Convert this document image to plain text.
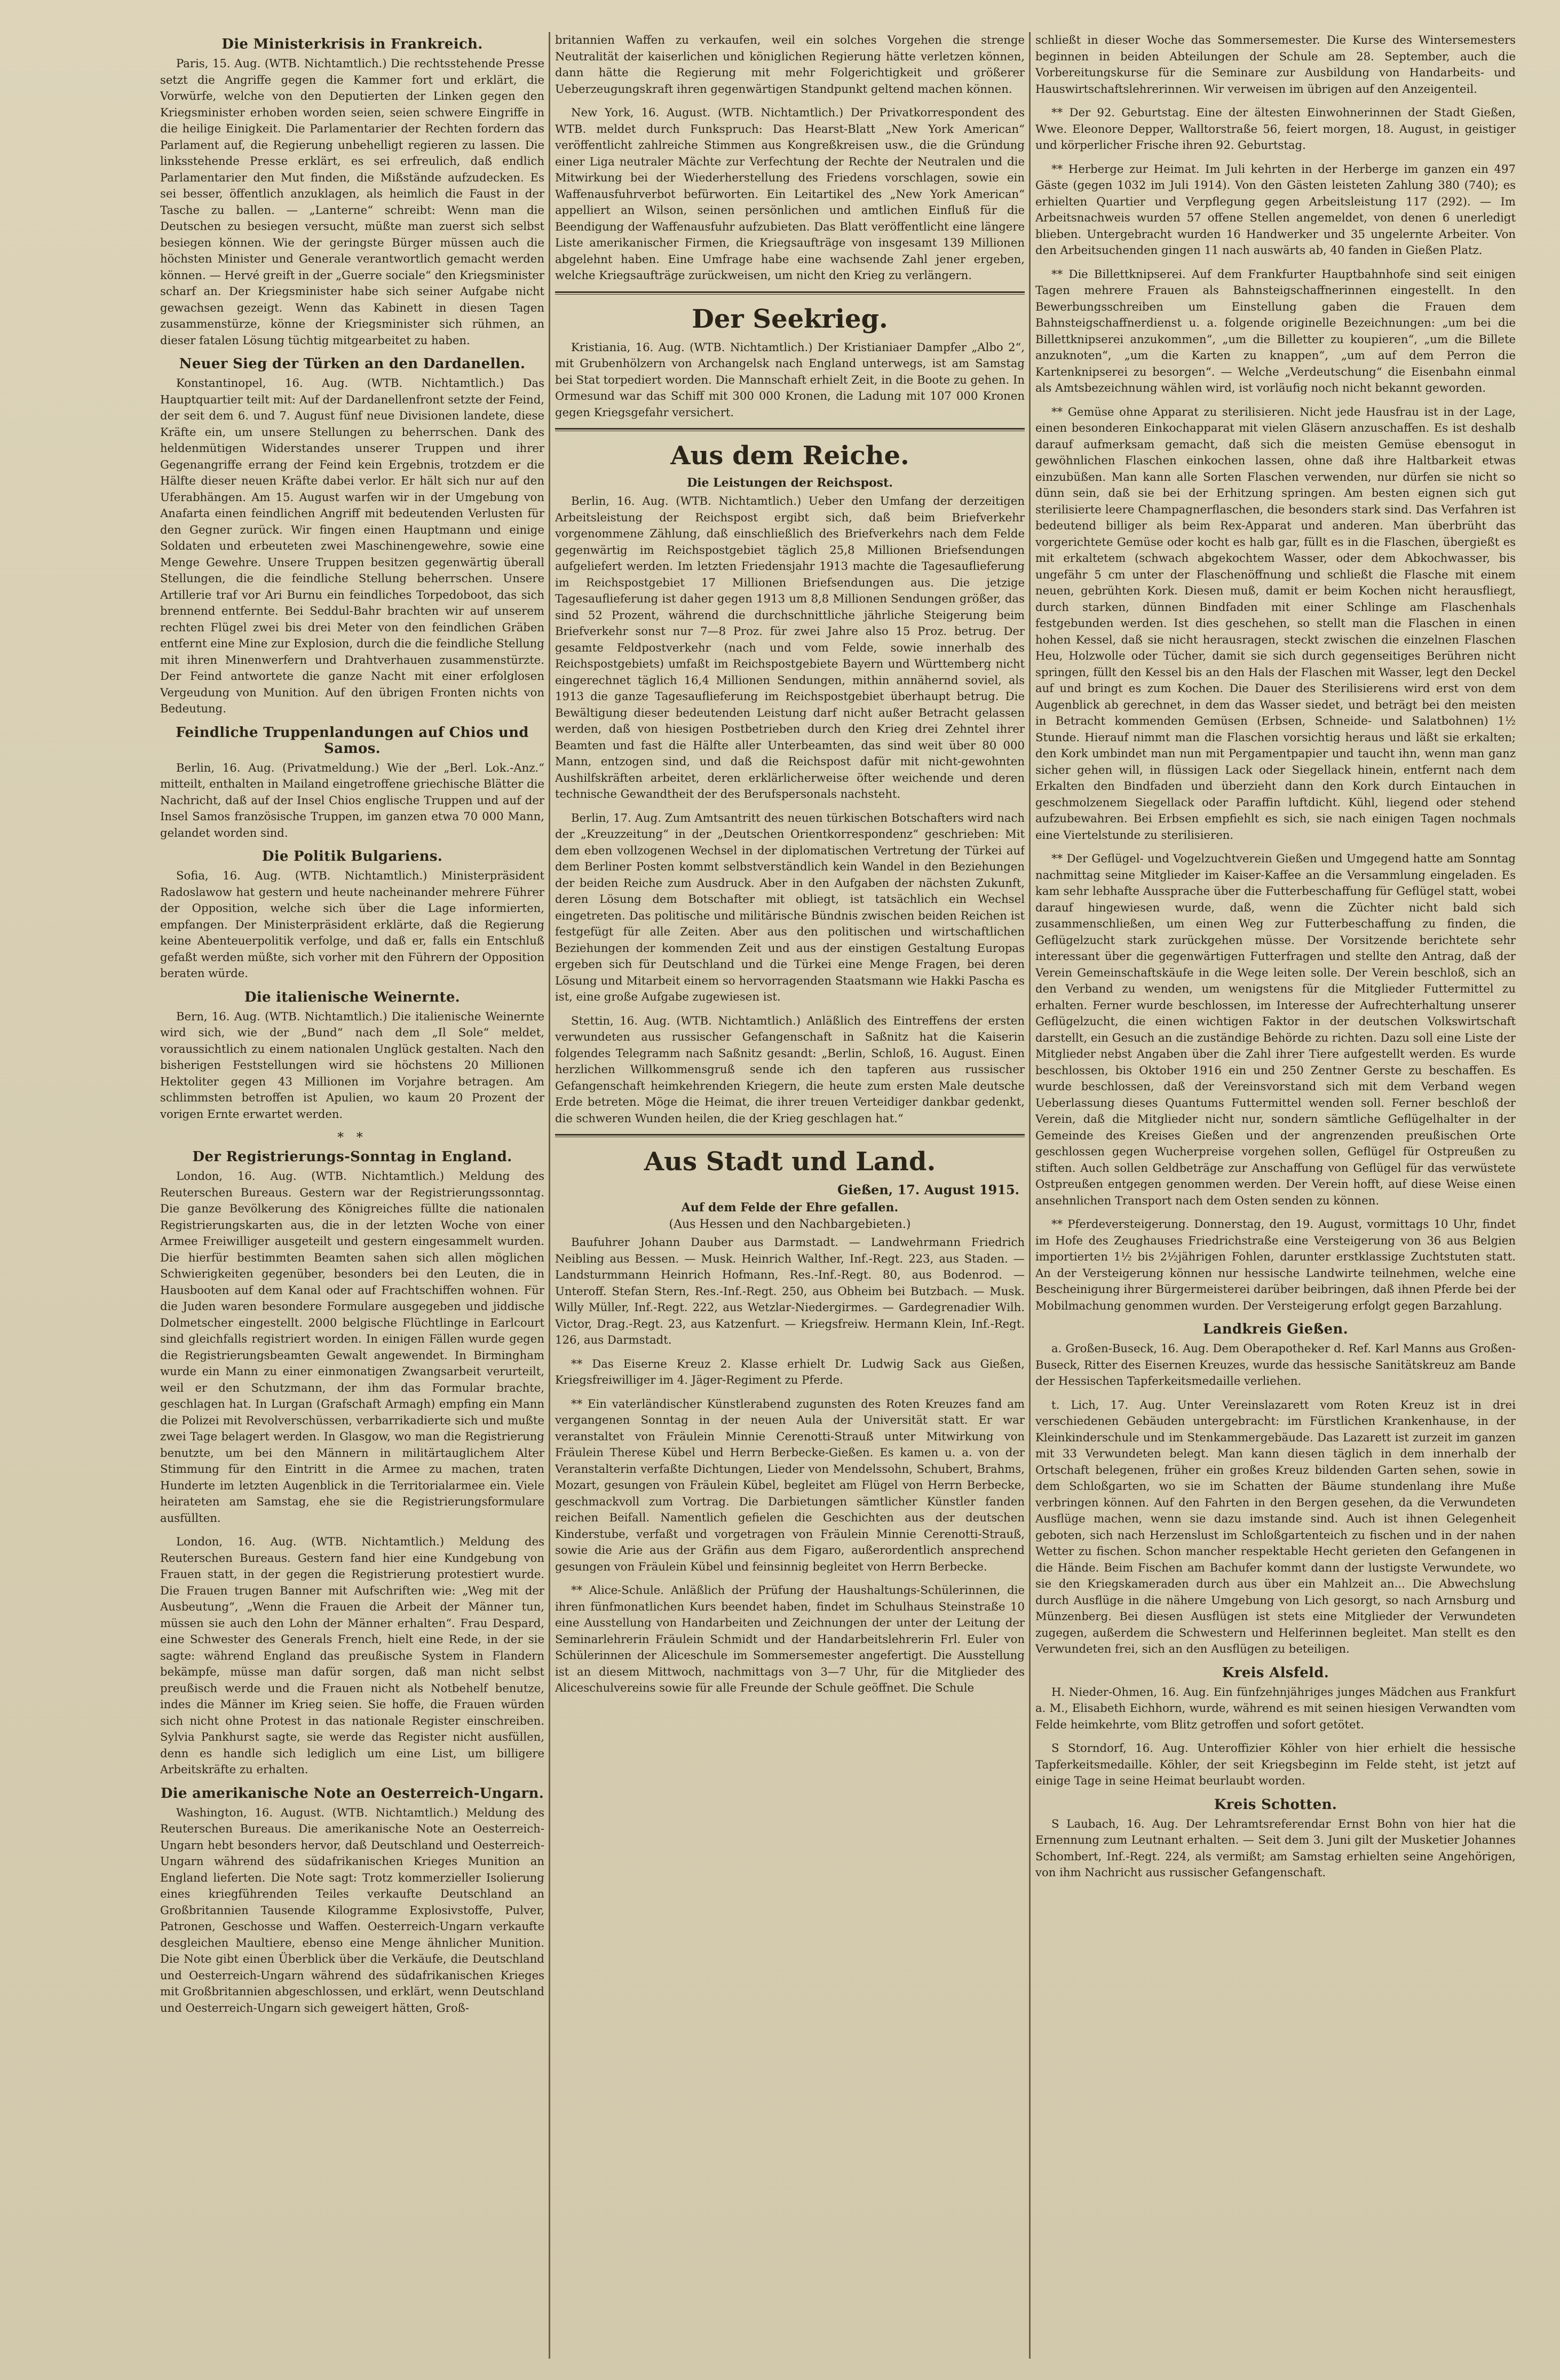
Die Ministerkrisis in Frankreich.

Paris, 15. Aug. (WTB. Nichtamtlich.) Die rechtsstehende Presse setzt die Angriffe gegen die Kammer fort und erklärt, die Vorwürfe, welche von den Deputierten der Linken gegen den Kriegsminister erhoben worden seien, seien schwere Eingriffe in die heilige Einigkeit. Die Parlamentarier der Rechten fordern das Parlament auf, die Regierung unbehelligt regieren zu lassen. Die linksstehende Presse erklärt, es sei erfreulich, daß endlich Parlamentarier den Mut finden, die Mißstände aufzudecken. Es sei besser, öffentlich anzuklagen, als heimlich die Faust in der Tasche zu ballen. — „Lanterne“ schreibt: Wenn man die Deutschen zu besiegen versucht, müßte man zuerst sich selbst besiegen können. Wie der geringste Bürger müssen auch die höchsten Minister und Generale verantwortlich gemacht werden können. — Hervé greift in der „Guerre sociale“ den Kriegsminister scharf an. Der Kriegsminister habe sich seiner Aufgabe nicht gewachsen gezeigt. Wenn das Kabinett in diesen Tagen zusammenstürze, könne der Kriegsminister sich rühmen, an dieser fatalen Lösung tüchtig mitgearbeitet zu haben.

Neuer Sieg der Türken an den Dardanellen.

Konstantinopel, 16. Aug. (WTB. Nichtamtlich.) Das Hauptquartier teilt mit: Auf der Dardanellenfront setzte der Feind, der seit dem 6. und 7. August fünf neue Divisionen landete, diese Kräfte ein, um unsere Stellungen zu beherrschen. Dank des heldenmütigen Widerstandes unserer Truppen und ihrer Gegenangriffe errang der Feind kein Ergebnis, trotzdem er die Hälfte dieser neuen Kräfte dabei verlor. Er hält sich nur auf den Uferabhängen. Am 15. August warfen wir in der Umgebung von Anafarta einen feindlichen Angriff mit bedeutenden Verlusten für den Gegner zurück. Wir fingen einen Hauptmann und einige Soldaten und erbeuteten zwei Maschinengewehre, sowie eine Menge Gewehre. Unsere Truppen besitzen gegenwärtig überall Stellungen, die die feindliche Stellung beherrschen. Unsere Artillerie traf vor Ari Burnu ein feindliches Torpedoboot, das sich brennend entfernte. Bei Seddul-Bahr brachten wir auf unserem rechten Flügel zwei bis drei Meter von den feindlichen Gräben entfernt eine Mine zur Explosion, durch die die feindliche Stellung mit ihren Minenwerfern und Drahtverhauen zusammenstürzte. Der Feind antwortete die ganze Nacht mit einer erfolglosen Vergeudung von Munition. Auf den übrigen Fronten nichts von Bedeutung.

Feindliche Truppenlandungen auf Chios und Samos.

Berlin, 16. Aug. (Privatmeldung.) Wie der „Berl. Lok.-Anz.“ mitteilt, enthalten in Mailand eingetroffene griechische Blätter die Nachricht, daß auf der Insel Chios englische Truppen und auf der Insel Samos französische Truppen, im ganzen etwa 70 000 Mann, gelandet worden sind.

Die Politik Bulgariens.

Sofia, 16. Aug. (WTB. Nichtamtlich.) Ministerpräsident Radoslawow hat gestern und heute nacheinander mehrere Führer der Opposition, welche sich über die Lage informierten, empfangen. Der Ministerpräsident erklärte, daß die Regierung keine Abenteuerpolitik verfolge, und daß er, falls ein Entschluß gefaßt werden müßte, sich vorher mit den Führern der Opposition beraten würde.

Die italienische Weinernte.

Bern, 16. Aug. (WTB. Nichtamtlich.) Die italienische Weinernte wird sich, wie der „Bund“ nach dem „Il Sole“ meldet, voraussichtlich zu einem nationalen Unglück gestalten. Nach den bisherigen Feststellungen wird sie höchstens 20 Millionen Hektoliter gegen 43 Millionen im Vorjahre betragen. Am schlimmsten betroffen ist Apulien, wo kaum 20 Prozent der vorigen Ernte erwartet werden.

* *
Der Registrierungs-Sonntag in England.

London, 16. Aug. (WTB. Nichtamtlich.) Meldung des Reuterschen Bureaus. Gestern war der Registrierungssonntag. Die ganze Bevölkerung des Königreiches füllte die nationalen Registrierungskarten aus, die in der letzten Woche von einer Armee Freiwilliger ausgeteilt und gestern eingesammelt wurden. Die hierfür bestimmten Beamten sahen sich allen möglichen Schwierigkeiten gegenüber, besonders bei den Leuten, die in Hausbooten auf dem Kanal oder auf Frachtschiffen wohnen. Für die Juden waren besondere Formulare ausgegeben und jiddische Dolmetscher eingestellt. 2000 belgische Flüchtlinge in Earlcourt sind gleichfalls registriert worden. In einigen Fällen wurde gegen die Registrierungsbeamten Gewalt angewendet. In Birmingham wurde ein Mann zu einer einmonatigen Zwangsarbeit verurteilt, weil er den Schutzmann, der ihm das Formular brachte, geschlagen hat. In Lurgan (Grafschaft Armagh) empfing ein Mann die Polizei mit Revolverschüssen, verbarrikadierte sich und mußte zwei Tage belagert werden. In Glasgow, wo man die Registrierung benutzte, um bei den Männern in militärtauglichem Alter Stimmung für den Eintritt in die Armee zu machen, traten Hunderte im letzten Augenblick in die Territorialarmee ein. Viele heirateten am Samstag, ehe sie die Registrierungsformulare ausfüllten.

London, 16. Aug. (WTB. Nichtamtlich.) Meldung des Reuterschen Bureaus. Gestern fand hier eine Kundgebung von Frauen statt, in der gegen die Registrierung protestiert wurde. Die Frauen trugen Banner mit Aufschriften wie: „Weg mit der Ausbeutung“, „Wenn die Frauen die Arbeit der Männer tun, müssen sie auch den Lohn der Männer erhalten“. Frau Despard, eine Schwester des Generals French, hielt eine Rede, in der sie sagte: während England das preußische System in Flandern bekämpfe, müsse man dafür sorgen, daß man nicht selbst preußisch werde und die Frauen nicht als Notbehelf benutze, indes die Männer im Krieg seien. Sie hoffe, die Frauen würden sich nicht ohne Protest in das nationale Register einschreiben. Sylvia Pankhurst sagte, sie werde das Register nicht ausfüllen, denn es handle sich lediglich um eine List, um billigere Arbeitskräfte zu erhalten.

Die amerikanische Note an Oesterreich-Ungarn.

Washington, 16. August. (WTB. Nichtamtlich.) Meldung des Reuterschen Bureaus. Die amerikanische Note an Oesterreich-Ungarn hebt besonders hervor, daß Deutschland und Oesterreich-Ungarn während des südafrikanischen Krieges Munition an England lieferten. Die Note sagt: Trotz kommerzieller Isolierung eines kriegführenden Teiles verkaufte Deutschland an Großbritannien Tausende Kilogramme Explosivstoffe, Pulver, Patronen, Geschosse und Waffen. Oesterreich-Ungarn verkaufte desgleichen Maultiere, ebenso eine Menge ähnlicher Munition. Die Note gibt einen Überblick über die Verkäufe, die Deutschland und Oesterreich-Ungarn während des südafrikanischen Krieges mit Großbritannien abgeschlossen, und erklärt, wenn Deutschland und Oesterreich-Ungarn sich geweigert hätten, Groß-

britannien Waffen zu verkaufen, weil ein solches Vorgehen die strenge Neutralität der kaiserlichen und königlichen Regierung hätte verletzen können, dann hätte die Regierung mit mehr Folgerichtigkeit und größerer Ueberzeugungskraft ihren gegenwärtigen Standpunkt geltend machen können.

New York, 16. August. (WTB. Nichtamtlich.) Der Privatkorrespondent des WTB. meldet durch Funkspruch: Das Hearst-Blatt „New York American“ veröffentlicht zahlreiche Stimmen aus Kongreßkreisen usw., die die Gründung einer Liga neutraler Mächte zur Verfechtung der Rechte der Neutralen und die Mitwirkung bei der Wiederherstellung des Friedens vorschlagen, sowie ein Waffenausfuhrverbot befürworten. Ein Leitartikel des „New York American“ appelliert an Wilson, seinen persönlichen und amtlichen Einfluß für die Beendigung der Waffenausfuhr aufzubieten. Das Blatt veröffentlicht eine längere Liste amerikanischer Firmen, die Kriegsaufträge von insgesamt 139 Millionen abgelehnt haben. Eine Umfrage habe eine wachsende Zahl jener ergeben, welche Kriegsaufträge zurückweisen, um nicht den Krieg zu verlängern.

Der Seekrieg.

Kristiania, 16. Aug. (WTB. Nichtamtlich.) Der Kristianiaer Dampfer „Albo 2“, mit Grubenhölzern von Archangelsk nach England unterwegs, ist am Samstag bei Stat torpediert worden. Die Mannschaft erhielt Zeit, in die Boote zu gehen. In Ormesund war das Schiff mit 300 000 Kronen, die Ladung mit 107 000 Kronen gegen Kriegsgefahr versichert.

Aus dem Reiche.
Die Leistungen der Reichspost.

Berlin, 16. Aug. (WTB. Nichtamtlich.) Ueber den Umfang der derzeitigen Arbeitsleistung der Reichspost ergibt sich, daß beim Briefverkehr vorgenommene Zählung, daß einschließlich des Briefverkehrs nach dem Felde gegenwärtig im Reichspostgebiet täglich 25,8 Millionen Briefsendungen aufgeliefert werden. Im letzten Friedensjahr 1913 machte die Tagesauflieferung im Reichspostgebiet 17 Millionen Briefsendungen aus. Die jetzige Tagesauflieferung ist daher gegen 1913 um 8,8 Millionen Sendungen größer, das sind 52 Prozent, während die durchschnittliche jährliche Steigerung beim Briefverkehr sonst nur 7—8 Proz. für zwei Jahre also 15 Proz. betrug. Der gesamte Feldpostverkehr (nach und vom Felde, sowie innerhalb des Reichspostgebiets) umfaßt im Reichspostgebiete Bayern und Württemberg nicht eingerechnet täglich 16,4 Millionen Sendungen, mithin annähernd soviel, als 1913 die ganze Tagesauflieferung im Reichspostgebiet überhaupt betrug. Die Bewältigung dieser bedeutenden Leistung darf nicht außer Betracht gelassen werden, daß von hiesigen Postbetrieben durch den Krieg drei Zehntel ihrer Beamten und fast die Hälfte aller Unterbeamten, das sind weit über 80 000 Mann, entzogen sind, und daß die Reichspost dafür mit nicht-gewohnten Aushilfskräften arbeitet, deren erklärlicherweise öfter weichende und deren technische Gewandtheit der des Berufspersonals nachsteht.

Berlin, 17. Aug. Zum Amtsantritt des neuen türkischen Botschafters wird nach der „Kreuzzeitung“ in der „Deutschen Orientkorrespondenz“ geschrieben: Mit dem eben vollzogenen Wechsel in der diplomatischen Vertretung der Türkei auf dem Berliner Posten kommt selbstverständlich kein Wandel in den Beziehungen der beiden Reiche zum Ausdruck. Aber in den Aufgaben der nächsten Zukunft, deren Lösung dem Botschafter mit obliegt, ist tatsächlich ein Wechsel eingetreten. Das politische und militärische Bündnis zwischen beiden Reichen ist festgefügt für alle Zeiten. Aber aus den politischen und wirtschaftlichen Beziehungen der kommenden Zeit und aus der einstigen Gestaltung Europas ergeben sich für Deutschland und die Türkei eine Menge Fragen, bei deren Lösung und Mitarbeit einem so hervorragenden Staatsmann wie Hakki Pascha es ist, eine große Aufgabe zugewiesen ist.

Stettin, 16. Aug. (WTB. Nichtamtlich.) Anläßlich des Eintreffens der ersten verwundeten aus russischer Gefangenschaft in Saßnitz hat die Kaiserin folgendes Telegramm nach Saßnitz gesandt: „Berlin, Schloß, 16. August. Einen herzlichen Willkommensgruß sende ich den tapferen aus russischer Gefangenschaft heimkehrenden Kriegern, die heute zum ersten Male deutsche Erde betreten. Möge die Heimat, die ihrer treuen Verteidiger dankbar gedenkt, die schweren Wunden heilen, die der Krieg geschlagen hat.“

Aus Stadt und Land.
Gießen, 17. August 1915.
Auf dem Felde der Ehre gefallen.
(Aus Hessen und den Nachbargebieten.)

Baufuhrer Johann Dauber aus Darmstadt. — Landwehrmann Friedrich Neibling aus Bessen. — Musk. Heinrich Walther, Inf.-Regt. 223, aus Staden. — Landsturmmann Heinrich Hofmann, Res.-Inf.-Regt. 80, aus Bodenrod. — Unteroff. Stefan Stern, Res.-Inf.-Regt. 250, aus Obheim bei Butzbach. — Musk. Willy Müller, Inf.-Regt. 222, aus Wetzlar-Niedergirmes. — Gardegrenadier Wilh. Victor, Drag.-Regt. 23, aus Katzenfurt. — Kriegsfreiw. Hermann Klein, Inf.-Regt. 126, aus Darmstadt.

** Das Eiserne Kreuz 2. Klasse erhielt Dr. Ludwig Sack aus Gießen, Kriegsfreiwilliger im 4. Jäger-Regiment zu Pferde.

** Ein vaterländischer Künstlerabend zugunsten des Roten Kreuzes fand am vergangenen Sonntag in der neuen Aula der Universität statt. Er war veranstaltet von Fräulein Minnie Cerenotti-Strauß unter Mitwirkung von Fräulein Therese Kübel und Herrn Berbecke-Gießen. Es kamen u. a. von der Veranstalterin verfaßte Dichtungen, Lieder von Mendelssohn, Schubert, Brahms, Mozart, gesungen von Fräulein Kübel, begleitet am Flügel von Herrn Berbecke, geschmackvoll zum Vortrag. Die Darbietungen sämtlicher Künstler fanden reichen Beifall. Namentlich gefielen die Geschichten aus der deutschen Kinderstube, verfaßt und vorgetragen von Fräulein Minnie Cerenotti-Strauß, sowie die Arie aus der Gräfin aus dem Figaro, außerordentlich ansprechend gesungen von Fräulein Kübel und feinsinnig begleitet von Herrn Berbecke.

** Alice-Schule. Anläßlich der Prüfung der Haushaltungs-Schülerinnen, die ihren fünfmonatlichen Kurs beendet haben, findet im Schulhaus Steinstraße 10 eine Ausstellung von Handarbeiten und Zeichnungen der unter der Leitung der Seminarlehrerin Fräulein Schmidt und der Handarbeitslehrerin Frl. Euler von Schülerinnen der Aliceschule im Sommersemester angefertigt. Die Ausstellung ist an diesem Mittwoch, nachmittags von 3—7 Uhr, für die Mitglieder des Aliceschulvereins sowie für alle Freunde der Schule geöffnet. Die Schule

schließt in dieser Woche das Sommersemester. Die Kurse des Wintersemesters beginnen in beiden Abteilungen der Schule am 28. September, auch die Vorbereitungskurse für die Seminare zur Ausbildung von Handarbeits- und Hauswirtschaftslehrerinnen. Wir verweisen im übrigen auf den Anzeigenteil.

** Der 92. Geburtstag. Eine der ältesten Einwohnerinnen der Stadt Gießen, Wwe. Eleonore Depper, Walltorstraße 56, feiert morgen, 18. August, in geistiger und körperlicher Frische ihren 92. Geburtstag.

** Herberge zur Heimat. Im Juli kehrten in der Herberge im ganzen ein 497 Gäste (gegen 1032 im Juli 1914). Von den Gästen leisteten Zahlung 380 (740); es erhielten Quartier und Verpflegung gegen Arbeitsleistung 117 (292). — Im Arbeitsnachweis wurden 57 offene Stellen angemeldet, von denen 6 unerledigt blieben. Untergebracht wurden 16 Handwerker und 35 ungelernte Arbeiter. Von den Arbeitsuchenden gingen 11 nach auswärts ab, 40 fanden in Gießen Platz.

** Die Billettknipserei. Auf dem Frankfurter Hauptbahnhofe sind seit einigen Tagen mehrere Frauen als Bahnsteigschaffnerinnen eingestellt. In den Bewerbungsschreiben um Einstellung gaben die Frauen dem Bahnsteigschaffnerdienst u. a. folgende originelle Bezeichnungen: „um bei die Billettknipserei anzukommen“, „um die Billetter zu koupieren“, „um die Billete anzuknoten“, „um die Karten zu knappen“, „um auf dem Perron die Kartenknipserei zu besorgen“. — Welche „Verdeutschung“ die Eisenbahn einmal als Amtsbezeichnung wählen wird, ist vorläufig noch nicht bekannt geworden.

** Gemüse ohne Apparat zu sterilisieren. Nicht jede Hausfrau ist in der Lage, einen besonderen Einkochapparat mit vielen Gläsern anzuschaffen. Es ist deshalb darauf aufmerksam gemacht, daß sich die meisten Gemüse ebensogut in gewöhnlichen Flaschen einkochen lassen, ohne daß ihre Haltbarkeit etwas einzubüßen. Man kann alle Sorten Flaschen verwenden, nur dürfen sie nicht so dünn sein, daß sie bei der Erhitzung springen. Am besten eignen sich gut sterilisierte leere Champagnerflaschen, die besonders stark sind. Das Verfahren ist bedeutend billiger als beim Rex-Apparat und anderen. Man überbrüht das vorgerichtete Gemüse oder kocht es halb gar, füllt es in die Flaschen, übergießt es mit erkaltetem (schwach abgekochtem Wasser, oder dem Abkochwasser, bis ungefähr 5 cm unter der Flaschenöffnung und schließt die Flasche mit einem neuen, gebrühten Kork. Diesen muß, damit er beim Kochen nicht herausfliegt, durch starken, dünnen Bindfaden mit einer Schlinge am Flaschenhals festgebunden werden. Ist dies geschehen, so stellt man die Flaschen in einen hohen Kessel, daß sie nicht herausragen, steckt zwischen die einzelnen Flaschen Heu, Holzwolle oder Tücher, damit sie sich durch gegenseitiges Berühren nicht springen, füllt den Kessel bis an den Hals der Flaschen mit Wasser, legt den Deckel auf und bringt es zum Kochen. Die Dauer des Sterilisierens wird erst von dem Augenblick ab gerechnet, in dem das Wasser siedet, und beträgt bei den meisten in Betracht kommenden Gemüsen (Erbsen, Schneide- und Salatbohnen) 1½ Stunde. Hierauf nimmt man die Flaschen vorsichtig heraus und läßt sie erkalten; den Kork umbindet man nun mit Pergamentpapier und taucht ihn, wenn man ganz sicher gehen will, in flüssigen Lack oder Siegellack hinein, entfernt nach dem Erkalten den Bindfaden und überzieht dann den Kork durch Eintauchen in geschmolzenem Siegellack oder Paraffin luftdicht. Kühl, liegend oder stehend aufzubewahren. Bei Erbsen empfiehlt es sich, sie nach einigen Tagen nochmals eine Viertelstunde zu sterilisieren.

** Der Geflügel- und Vogelzuchtverein Gießen und Umgegend hatte am Sonntag nachmittag seine Mitglieder im Kaiser-Kaffee an die Versammlung eingeladen. Es kam sehr lebhafte Aussprache über die Futterbeschaffung für Geflügel statt, wobei darauf hingewiesen wurde, daß, wenn die Züchter nicht bald sich zusammenschließen, um einen Weg zur Futterbeschaffung zu finden, die Geflügelzucht stark zurückgehen müsse. Der Vorsitzende berichtete sehr interessant über die gegenwärtigen Futterfragen und stellte den Antrag, daß der Verein Gemeinschaftskäufe in die Wege leiten solle. Der Verein beschloß, sich an den Verband zu wenden, um wenigstens für die Mitglieder Futtermittel zu erhalten. Ferner wurde beschlossen, im Interesse der Aufrechterhaltung unserer Geflügelzucht, die einen wichtigen Faktor in der deutschen Volkswirtschaft darstellt, ein Gesuch an die zuständige Behörde zu richten. Dazu soll eine Liste der Mitglieder nebst Angaben über die Zahl ihrer Tiere aufgestellt werden. Es wurde beschlossen, bis Oktober 1916 ein und 250 Zentner Gerste zu beschaffen. Es wurde beschlossen, daß der Vereinsvorstand sich mit dem Verband wegen Ueberlassung dieses Quantums Futtermittel wenden soll. Ferner beschloß der Verein, daß die Mitglieder nicht nur, sondern sämtliche Geflügelhalter in der Gemeinde des Kreises Gießen und der angrenzenden preußischen Orte geschlossen gegen Wucherpreise vorgehen sollen, Geflügel für Ostpreußen zu stiften. Auch sollen Geldbeträge zur Anschaffung von Geflügel für das verwüstete Ostpreußen entgegen genommen werden. Der Verein hofft, auf diese Weise einen ansehnlichen Transport nach dem Osten senden zu können.

** Pferdeversteigerung. Donnerstag, den 19. August, vormittags 10 Uhr, findet im Hofe des Zeughauses Friedrichstraße eine Versteigerung von 36 aus Belgien importierten 1½ bis 2½jährigen Fohlen, darunter erstklassige Zuchtstuten statt. An der Versteigerung können nur hessische Landwirte teilnehmen, welche eine Bescheinigung ihrer Bürgermeisterei darüber beibringen, daß ihnen Pferde bei der Mobilmachung genommen wurden. Der Versteigerung erfolgt gegen Barzahlung.

Landkreis Gießen.

a. Großen-Buseck, 16. Aug. Dem Oberapotheker d. Ref. Karl Manns aus Großen-Buseck, Ritter des Eisernen Kreuzes, wurde das hessische Sanitätskreuz am Bande der Hessischen Tapferkeitsmedaille verliehen.

t. Lich, 17. Aug. Unter Vereinslazarett vom Roten Kreuz ist in drei verschiedenen Gebäuden untergebracht: im Fürstlichen Krankenhause, in der Kleinkinderschule und im Stenkammergebäude. Das Lazarett ist zurzeit im ganzen mit 33 Verwundeten belegt. Man kann diesen täglich in dem innerhalb der Ortschaft belegenen, früher ein großes Kreuz bildenden Garten sehen, sowie in dem Schloßgarten, wo sie im Schatten der Bäume stundenlang ihre Muße verbringen können. Auf den Fahrten in den Bergen gesehen, da die Verwundeten Ausflüge machen, wenn sie dazu imstande sind. Auch ist ihnen Gelegenheit geboten, sich nach Herzenslust im Schloßgartenteich zu fischen und in der nahen Wetter zu fischen. Schon mancher respektable Hecht gerieten den Gefangenen in die Hände. Beim Fischen am Bachufer kommt dann der lustigste Verwundete, wo sie den Kriegskameraden durch aus über ein Mahlzeit an... Die Abwechslung durch Ausflüge in die nähere Umgebung von Lich gesorgt, so nach Arnsburg und Münzenberg. Bei diesen Ausflügen ist stets eine Mitglieder der Verwundeten zugegen, außerdem die Schwestern und Helferinnen begleitet. Man stellt es den Verwundeten frei, sich an den Ausflügen zu beteiligen.

Kreis Alsfeld.

H. Nieder-Ohmen, 16. Aug. Ein fünfzehnjähriges junges Mädchen aus Frankfurt a. M., Elisabeth Eichhorn, wurde, während es mit seinen hiesigen Verwandten vom Felde heimkehrte, vom Blitz getroffen und sofort getötet.

S Storndorf, 16. Aug. Unteroffizier Köhler von hier erhielt die hessische Tapferkeitsmedaille. Köhler, der seit Kriegsbeginn im Felde steht, ist jetzt auf einige Tage in seine Heimat beurlaubt worden.

Kreis Schotten.

S Laubach, 16. Aug. Der Lehramtsreferendar Ernst Bohn von hier hat die Ernennung zum Leutnant erhalten. — Seit dem 3. Juni gilt der Musketier Johannes Schombert, Inf.-Regt. 224, als vermißt; am Samstag erhielten seine Angehörigen, von ihm Nachricht aus russischer Gefangenschaft.
